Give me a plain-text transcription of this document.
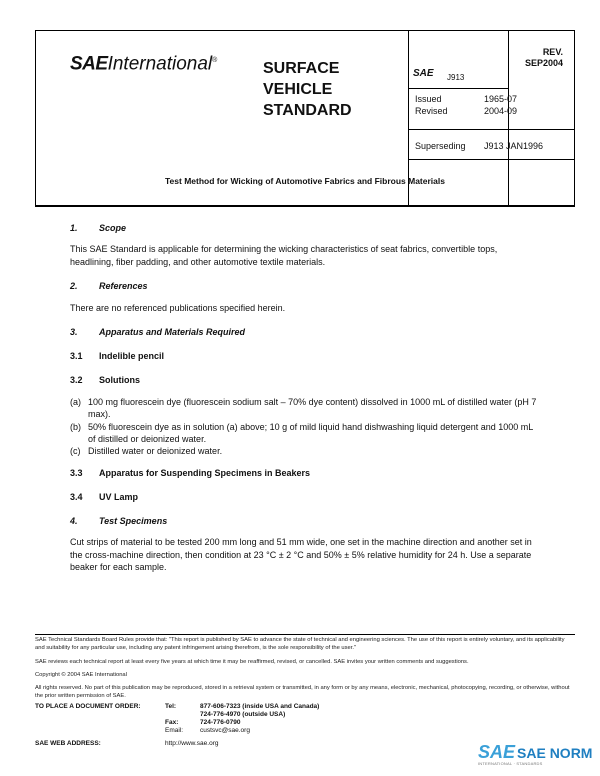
SAEInternational®	SURFACE
VEHICLE
STANDARD
SAE J913
REV.
SEP2004
Issued	1965-07
Revised	2004-09
Superseding J913 JAN1996
Test Method for Wicking of Automotive Fabrics and Fibrous Materials
1. Scope
This SAE Standard is applicable for determining the wicking characteristics of seat fabrics, convertible tops, headlining, fiber padding, and other automotive textile materials.
2. References
There are no referenced publications specified herein.
3. Apparatus and Materials Required
3.1 Indelible pencil
3.2 Solutions
(a) 100 mg fluorescein dye (fluorescein sodium salt – 70% dye content) dissolved in 1000 mL of distilled water (pH 7 max).
(b) 50% fluorescein dye as in solution (a) above; 10 g of mild liquid hand dishwashing liquid detergent and 1000 mL of distilled or deionized water.
(c) Distilled water or deionized water.
3.3 Apparatus for Suspending Specimens in Beakers
3.4 UV Lamp
4. Test Specimens
Cut strips of material to be tested 200 mm long and 51 mm wide, one set in the machine direction and another set in the cross-machine direction, then condition at 23 °C ± 2 °C and 50% ± 5% relative humidity for 24 h. Use a separate beaker for each sample.
SAE Technical Standards Board Rules provide that: "This report is published by SAE to advance the state of technical and engineering sciences. The use of this report is entirely voluntary, and its applicability and suitability for any particular use, including any patent infringement arising therefrom, is the sole responsibility of the user."
SAE reviews each technical report at least every five years at which time it may be reaffirmed, revised, or cancelled. SAE invites your written comments and suggestions.
Copyright © 2004 SAE International
All rights reserved. No part of this publication may be reproduced, stored in a retrieval system or transmitted, in any form or by any means, electronic, mechanical, photocopying, recording, or otherwise, without the prior written permission of SAE.
TO PLACE A DOCUMENT ORDER:	Tel:	877-606-7323 (inside USA and Canada)
724-776-4970 (outside USA)
Fax:	724-776-0790
Email:	custsvc@sae.org
SAE WEB ADDRESS:	http://www.sae.org	SAE SAE NORM
INTERNATIONAL · STANDARDS
